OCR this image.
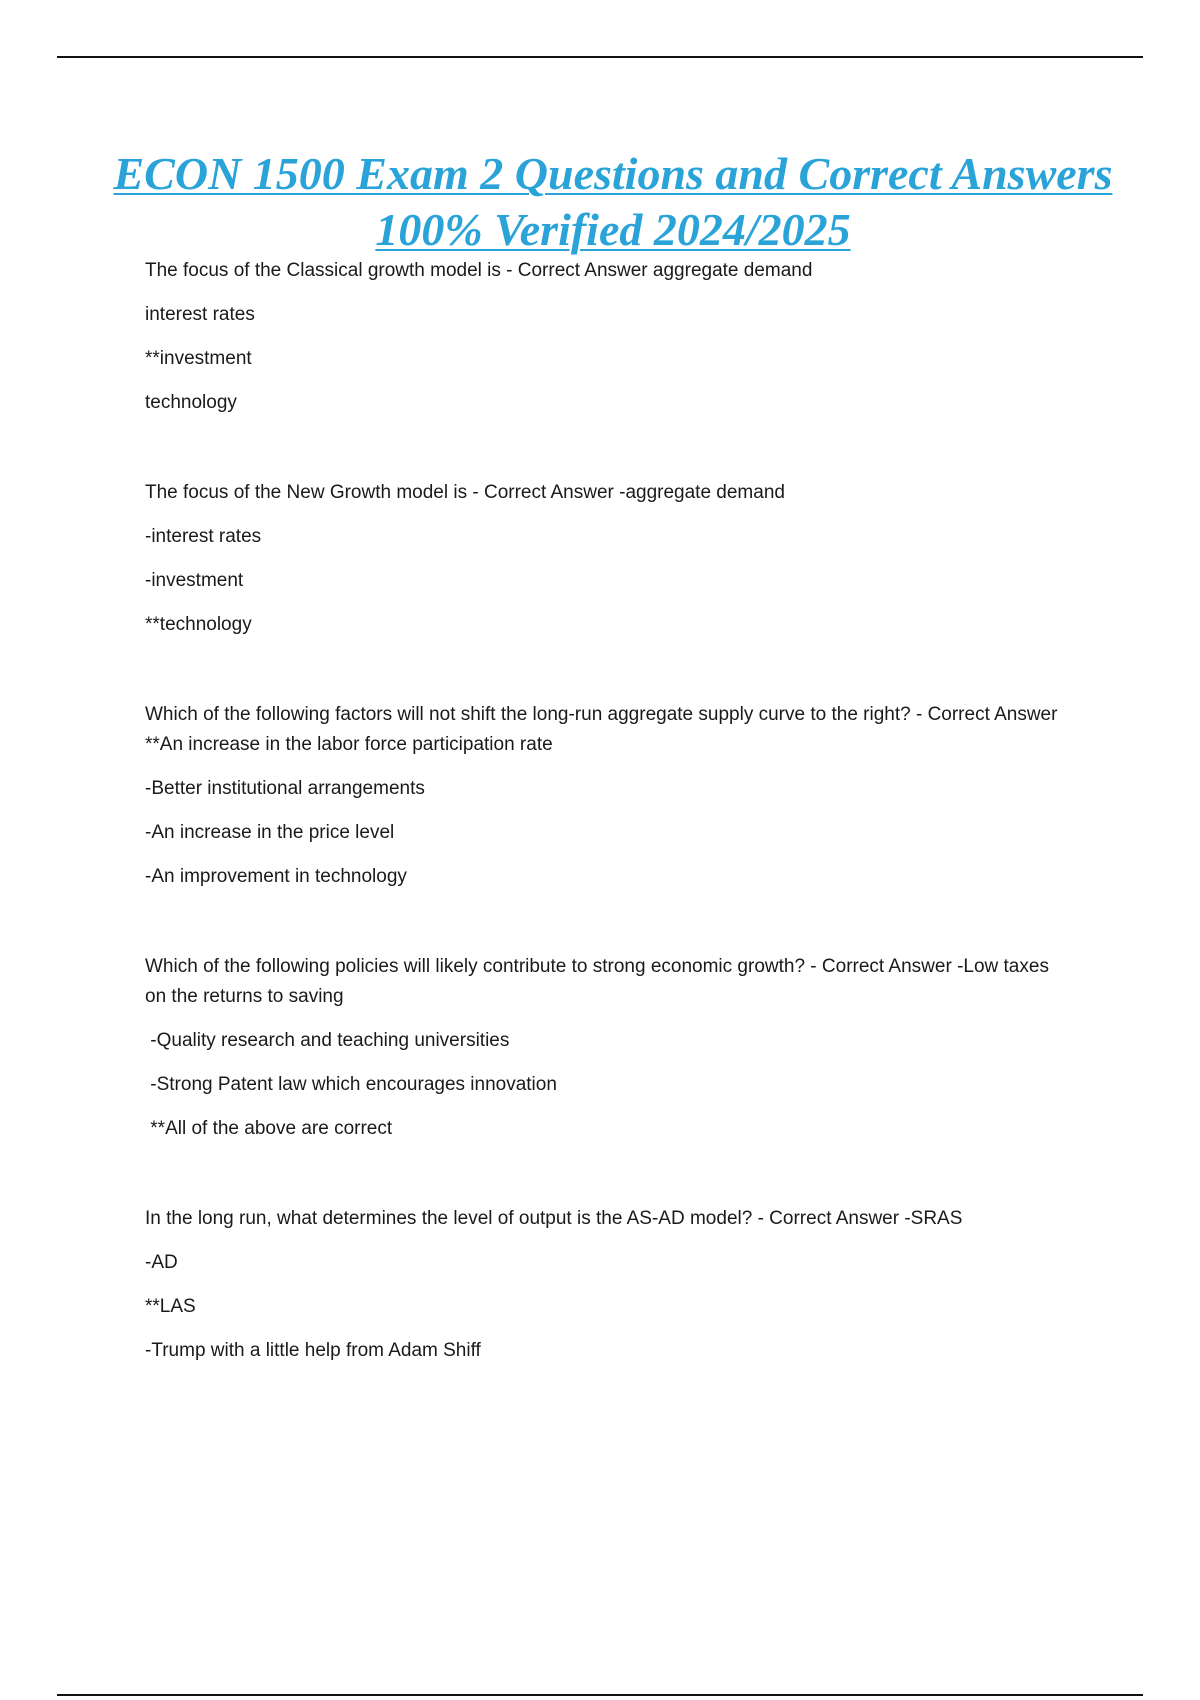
ECON 1500 Exam 2 Questions and Correct Answers 100% Verified 2024/2025

The focus of the Classical growth model is - Correct Answer aggregate demand

interest rates

**investment

technology

The focus of the New Growth model is - Correct Answer -aggregate demand

-interest rates

-investment

**technology

Which of the following factors will not shift the long-run aggregate supply curve to the right? - Correct Answer **An increase in the labor force participation rate

-Better institutional arrangements

-An increase in the price level

-An improvement in technology

Which of the following policies will likely contribute to strong economic growth? - Correct Answer -Low taxes on the returns to saving

-Quality research and teaching universities

-Strong Patent law which encourages innovation

**All of the above are correct

In the long run, what determines the level of output is the AS-AD model? - Correct Answer -SRAS

-AD

**LAS

-Trump with a little help from Adam Shiff
